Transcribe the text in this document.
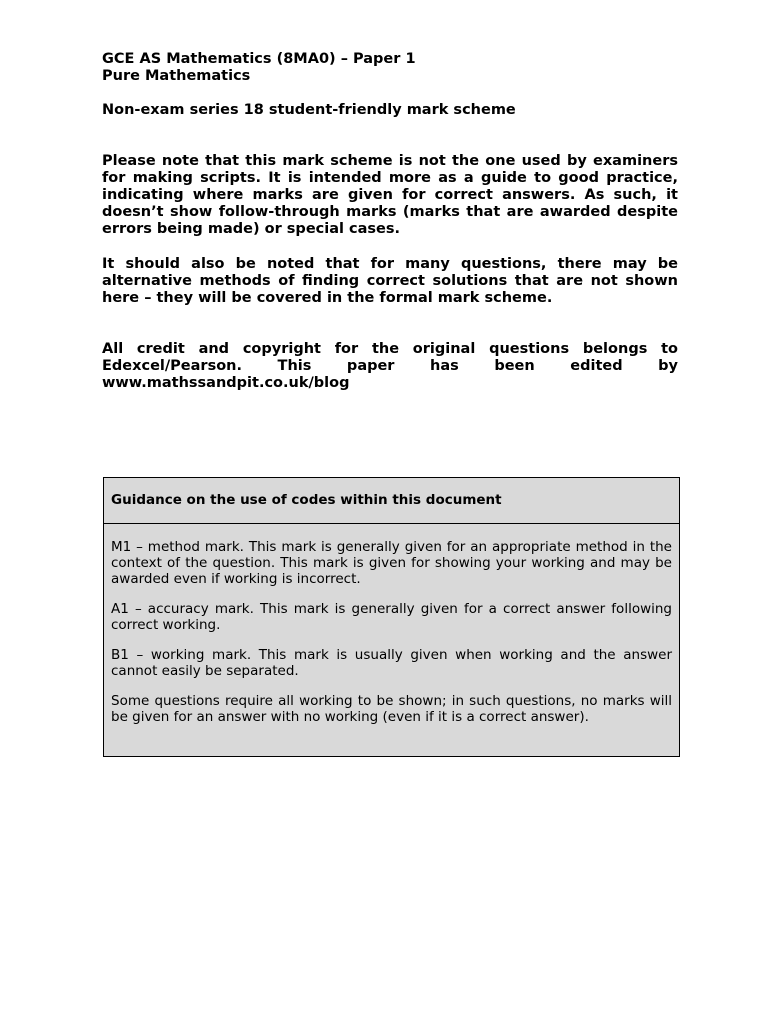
GCE AS Mathematics (8MA0) – Paper 1
Pure Mathematics
Non-exam series 18 student-friendly mark scheme
Please note that this mark scheme is not the one used by examiners for making scripts. It is intended more as a guide to good practice, indicating where marks are given for correct answers. As such, it doesn’t show follow-through marks (marks that are awarded despite errors being made) or special cases.
It should also be noted that for many questions, there may be alternative methods of finding correct solutions that are not shown here – they will be covered in the formal mark scheme.
All credit and copyright for the original questions belongs to Edexcel/Pearson. This paper has been edited by www.mathssandpit.co.uk/blog
Guidance on the use of codes within this document

M1 – method mark. This mark is generally given for an appropriate method in the context of the question. This mark is given for showing your working and may be awarded even if working is incorrect.

A1 – accuracy mark. This mark is generally given for a correct answer following correct working.

B1 – working mark. This mark is usually given when working and the answer cannot easily be separated.

Some questions require all working to be shown; in such questions, no marks will be given for an answer with no working (even if it is a correct answer).
